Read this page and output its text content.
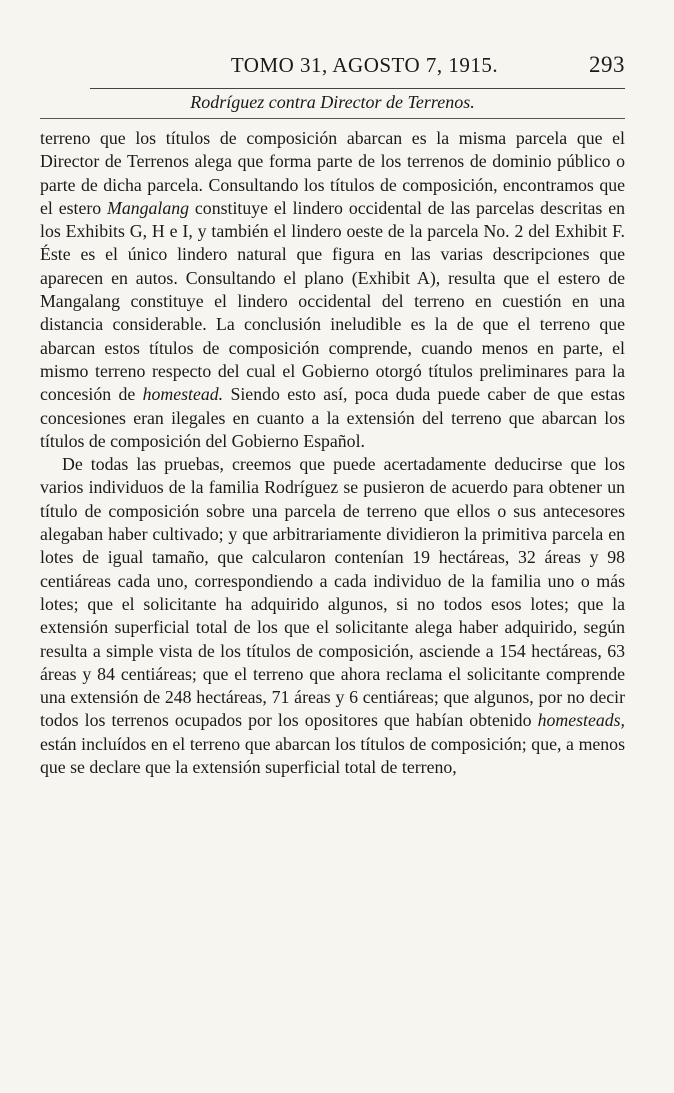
TOMO 31, AGOSTO 7, 1915.	293
Rodríguez contra Director de Terrenos.

terreno que los títulos de composición abarcan es la misma parcela que el Director de Terrenos alega que forma parte de los terrenos de dominio público o parte de dicha parcela. Consultando los títulos de composición, encontramos que el estero Mangalang constituye el lindero occidental de las parcelas descritas en los Exhibits G, H e I, y también el lindero oeste de la parcela No. 2 del Exhibit F. Éste es el único lindero natural que figura en las varias descripciones que aparecen en autos. Consultando el plano (Exhibit A), resulta que el estero de Mangalang constituye el lindero occidental del terreno en cuestión en una distancia considerable. La conclusión ineludible es la de que el terreno que abarcan estos títulos de composición comprende, cuando menos en parte, el mismo terreno respecto del cual el Gobierno otorgó títulos preliminares para la concesión de homestead. Siendo esto así, poca duda puede caber de que estas concesiones eran ilegales en cuanto a la extensión del terreno que abarcan los títulos de composición del Gobierno Español.

De todas las pruebas, creemos que puede acertadamente deducirse que los varios individuos de la familia Rodríguez se pusieron de acuerdo para obtener un título de composición sobre una parcela de terreno que ellos o sus antecesores alegaban haber cultivado; y que arbitrariamente dividieron la primitiva parcela en lotes de igual tamaño, que calcularon contenían 19 hectáreas, 32 áreas y 98 centiáreas cada uno, correspondiendo a cada individuo de la familia uno o más lotes; que el solicitante ha adquirido algunos, si no todos esos lotes; que la extensión superficial total de los que el solicitante alega haber adquirido, según resulta a simple vista de los títulos de composición, asciende a 154 hectáreas, 63 áreas y 84 centiáreas; que el terreno que ahora reclama el solicitante comprende una extensión de 248 hectáreas, 71 áreas y 6 centiáreas; que algunos, por no decir todos los terrenos ocupados por los opositores que habían obtenido homesteads, están incluídos en el terreno que abarcan los títulos de composición; que, a menos que se declare que la extensión superficial total de terreno,
